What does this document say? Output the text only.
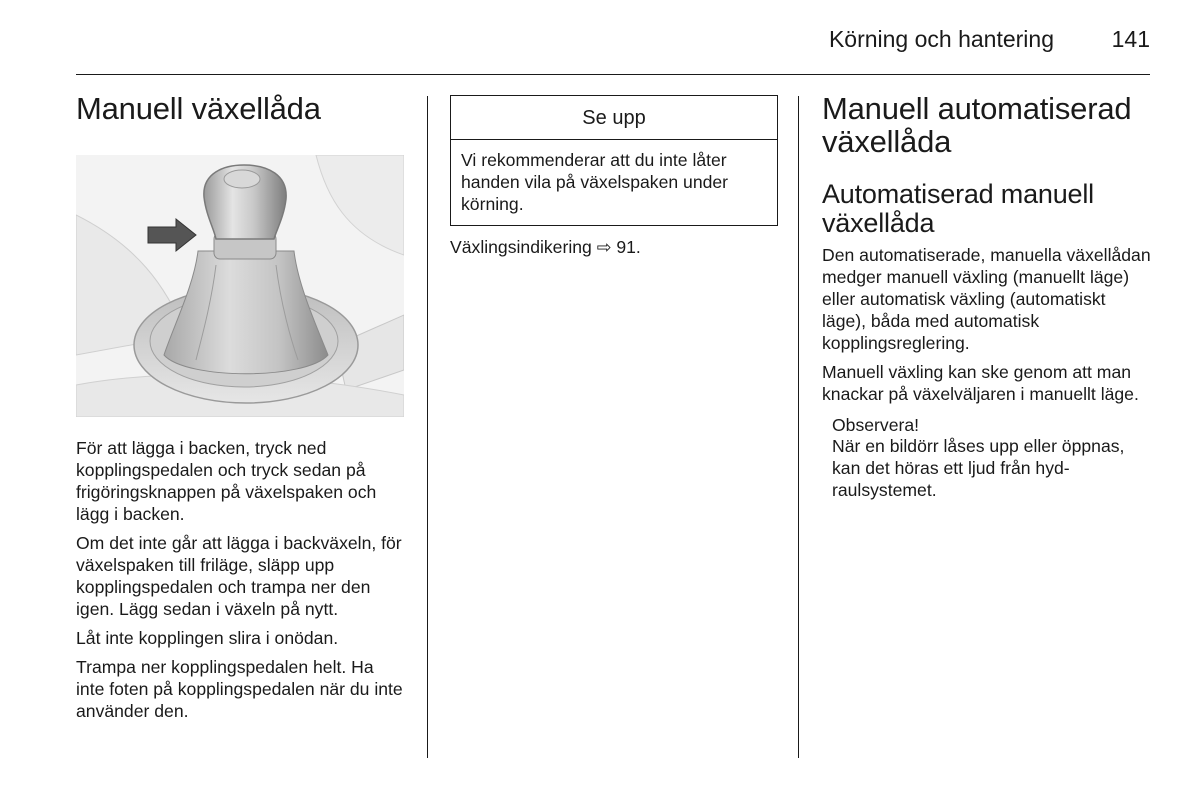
Körning och hantering	141
Manuell växellåda

För att lägga i backen, tryck ned kopplingspedalen och tryck sedan på frigöringsknappen på växelspaken och lägg i backen.

Om det inte går att lägga i backväxeln, för växelspaken till friläge, släpp upp kopplingspedalen och trampa ner den igen. Lägg sedan i växeln på nytt.

Låt inte kopplingen slira i onödan.

Trampa ner kopplingspedalen helt. Ha inte foten på kopplingspedalen när du inte använder den.

Se upp
Vi rekommenderar att du inte låter handen vila på växelspaken under körning.

Växlingsindikering ⇨ 91.

Manuell automatiserad växellåda
Automatiserad manuell växellåda

Den automatiserade, manuella växellådan medger manuell växling (manuellt läge) eller automatisk växling (automatiskt läge), båda med automatisk kopplingsreglering.

Manuell växling kan ske genom att man knackar på växelväljaren i manuellt läge.

Observera!
När en bildörr låses upp eller öppnas, kan det höras ett ljud från hydraulsystemet.
